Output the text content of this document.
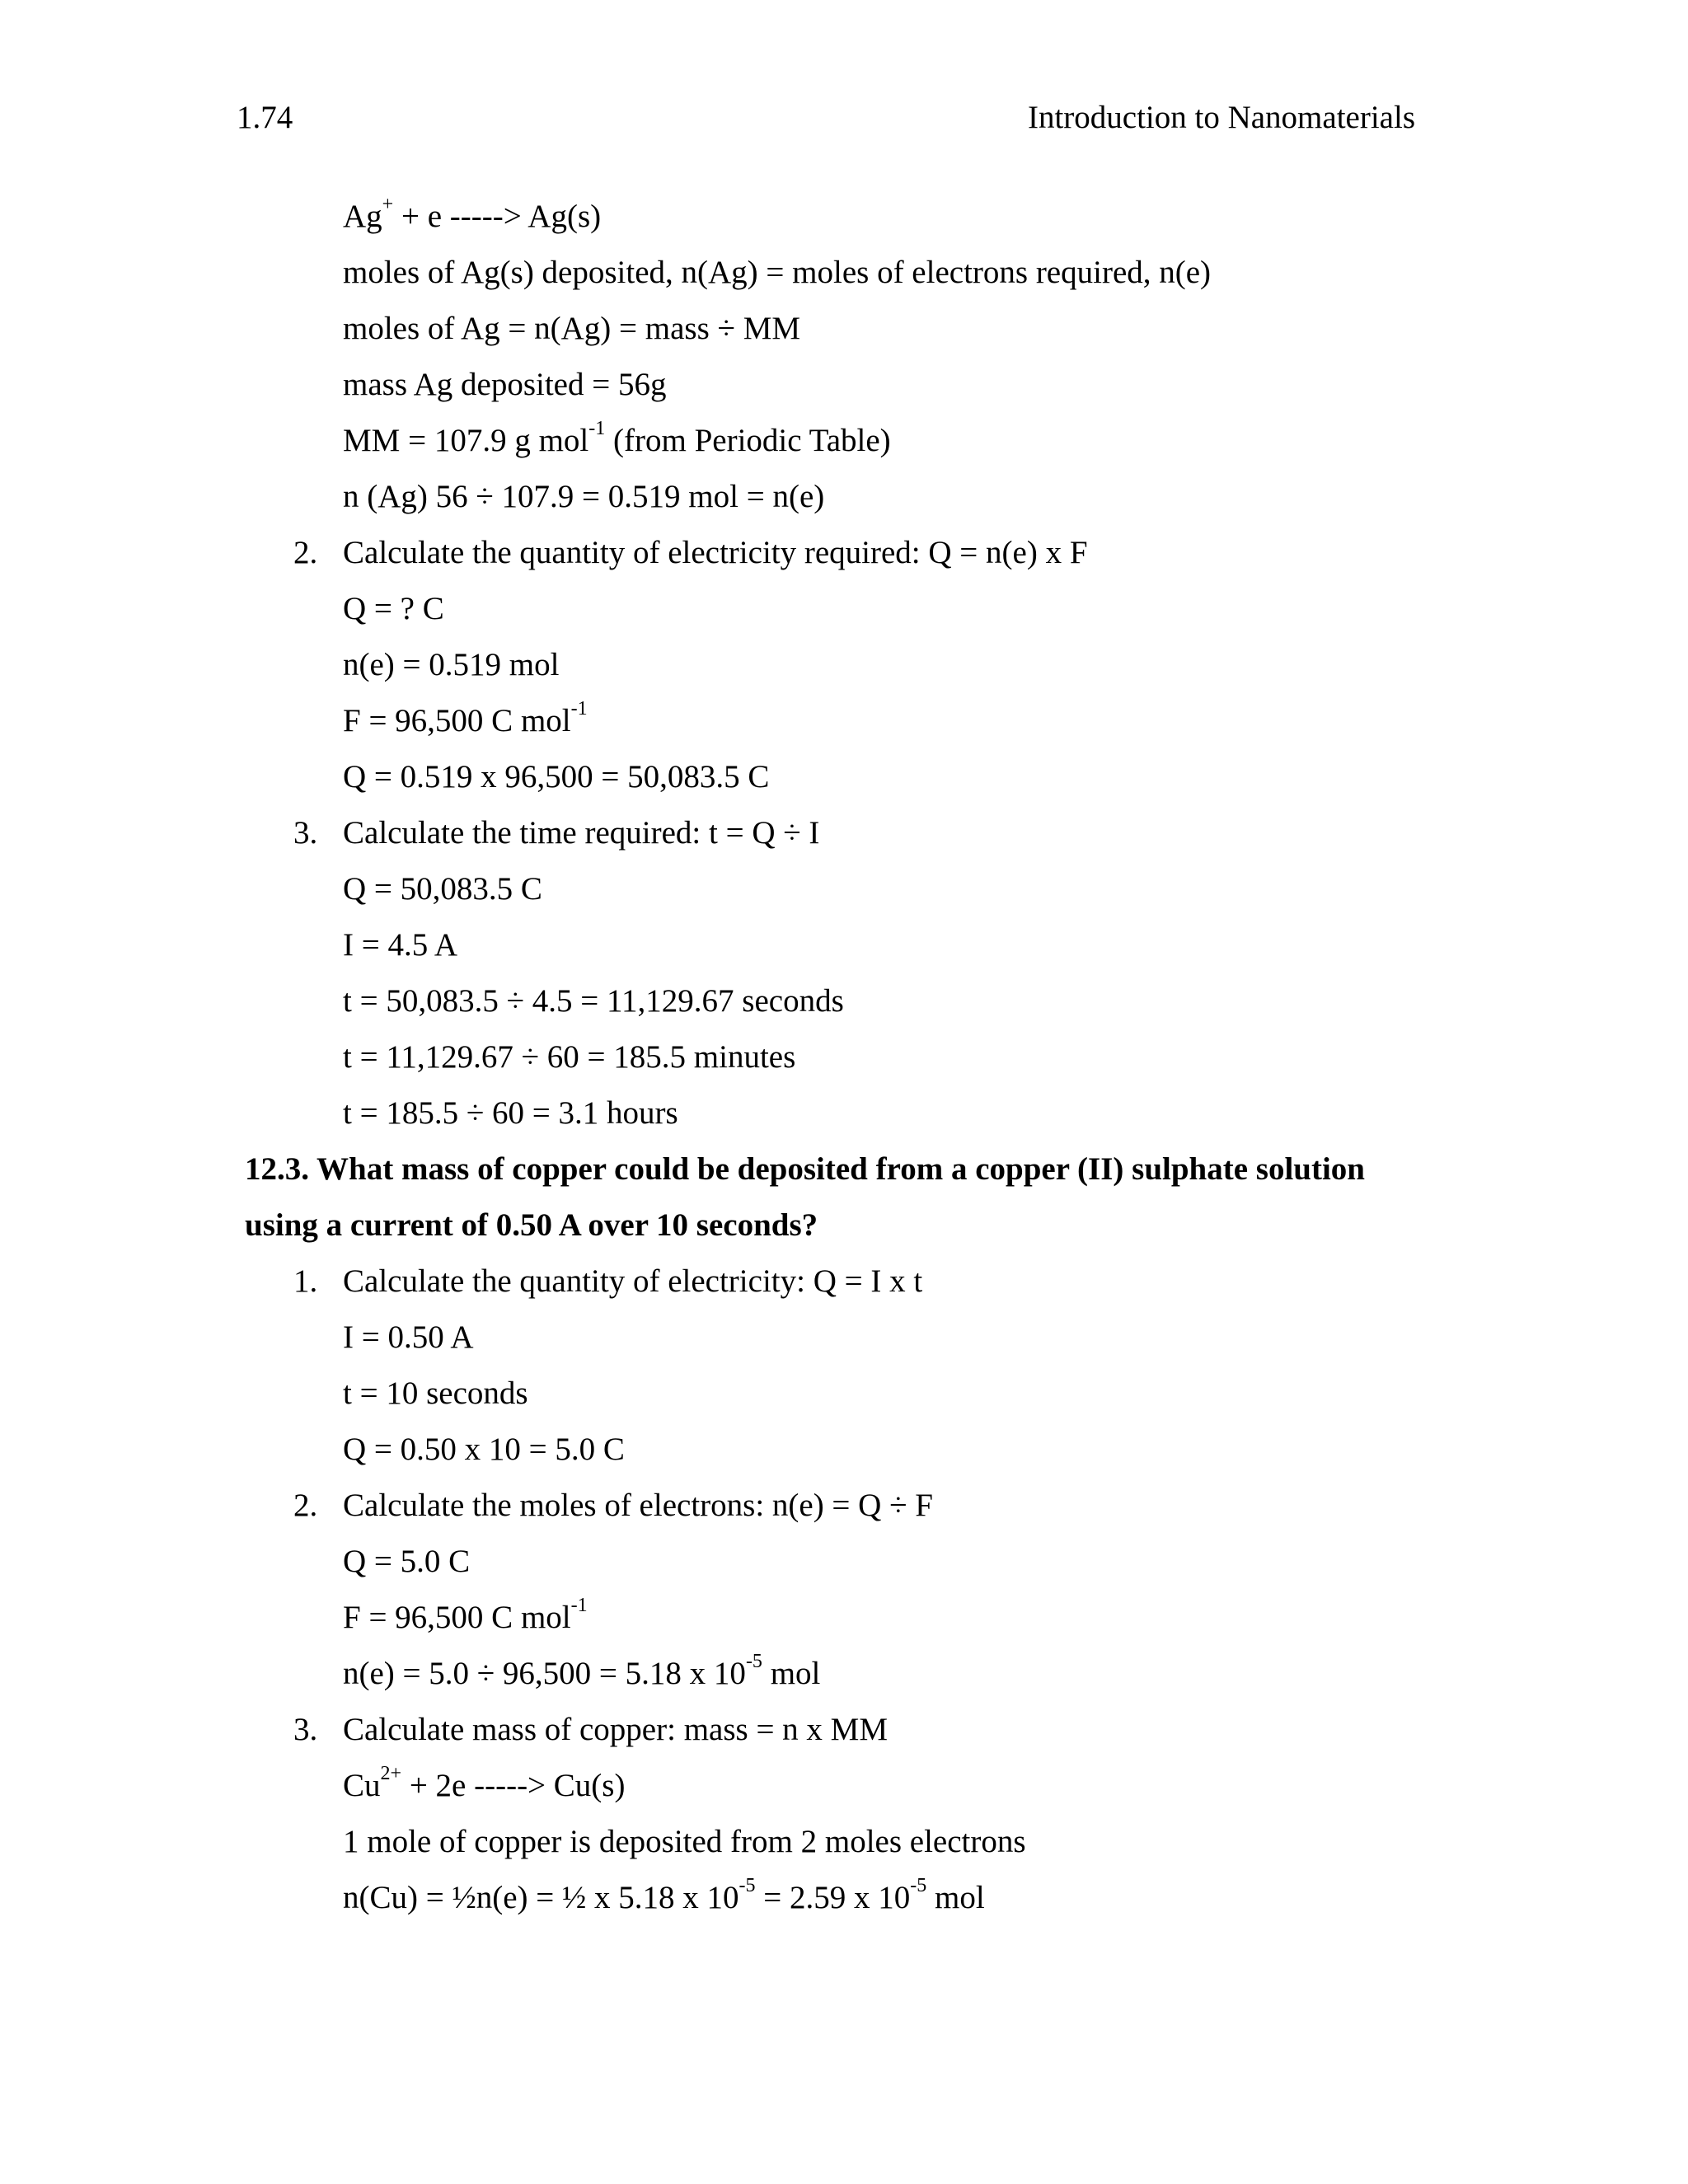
1.74	Introduction to Nanomaterials
Ag+ + e -----> Ag(s)
moles of Ag(s) deposited, n(Ag) = moles of electrons required, n(e)
moles of Ag = n(Ag) = mass ÷ MM
mass Ag deposited = 56g
MM = 107.9 g mol$^{-1}$ (from Periodic Table)
n (Ag) 56 ÷ 107.9 = 0.519 mol = n(e)
2. Calculate the quantity of electricity required: Q = n(e) x F
Q = ? C
n(e) = 0.519 mol
F = 96,500 C mol$^{-1}$
Q = 0.519 x 96,500 = 50,083.5 C
3. Calculate the time required: t = Q ÷ I
Q = 50,083.5 C
I = 4.5 A
t = 50,083.5 ÷ 4.5 = 11,129.67 seconds
t = 11,129.67 ÷ 60 = 185.5 minutes
t = 185.5 ÷ 60 = 3.1 hours
12.3. What mass of copper could be deposited from a copper (II) sulphate solution
using a current of 0.50 A over 10 seconds?
1. Calculate the quantity of electricity: Q = I x t
I = 0.50 A
t = 10 seconds
Q = 0.50 x 10 = 5.0 C
2. Calculate the moles of electrons: n(e) = Q ÷ F
Q = 5.0 C
F = 96,500 C mol$^{-1}$
n(e) = 5.0 ÷ 96,500 = 5.18 x $10^{-5}$ mol
3. Calculate mass of copper: mass = n x MM
$Cu^{2+} + 2e$ -----> Cu(s)
1 mole of copper is deposited from 2 moles electrons
n(Cu) = ½n(e) = ½ x 5.18 x $10^{-5} = 2.59$ x $10^{-5}$ mol
